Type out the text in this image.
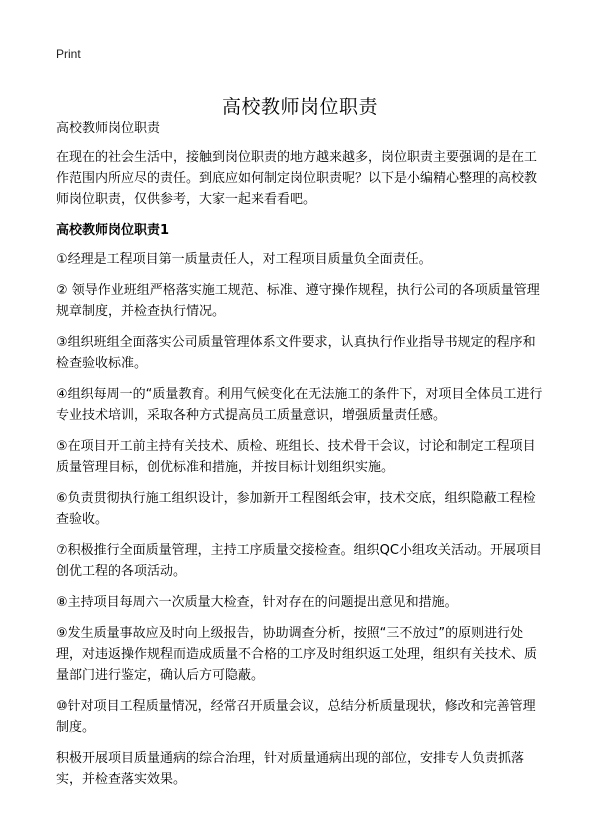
Print
高校教师岗位职责

高校教师岗位职责

在现在的社会生活中，接触到岗位职责的地方越来越多，岗位职责主要强调的是在工作范围内所应尽的责任。到底应如何制定岗位职责呢？以下是小编精心整理的高校教师岗位职责，仅供参考，大家一起来看看吧。

高校教师岗位职责1

①经理是工程项目第一质量责任人，对工程项目质量负全面责任。

② 领导作业班组严格落实施工规范、标准、遵守操作规程，执行公司的各项质量管理规章制度，并检查执行情况。

③组织班组全面落实公司质量管理体系文件要求，认真执行作业指导书规定的程序和检查验收标准。

④组织每周一的“质量教育。利用气候变化在无法施工的条件下，对项目全体员工进行专业技术培训，采取各种方式提高员工质量意识，增强质量责任感。

⑤在项目开工前主持有关技术、质检、班组长、技术骨干会议，讨论和制定工程项目质量管理目标，创优标准和措施，并按目标计划组织实施。

⑥负责贯彻执行施工组织设计，参加新开工程图纸会审，技术交底，组织隐蔽工程检查验收。

⑦积极推行全面质量管理，主持工序质量交接检查。组织QC小组攻关活动。开展项目创优工程的各项活动。

⑧主持项目每周六一次质量大检查，针对存在的问题提出意见和措施。

⑨发生质量事故应及时向上级报告，协助调查分析，按照“三不放过”的原则进行处理，对违返操作规程而造成质量不合格的工序及时组织返工处理，组织有关技术、质量部门进行鉴定，确认后方可隐蔽。

⑩针对项目工程质量情况，经常召开质量会议，总结分析质量现状，修改和完善管理制度。

积极开展项目质量通病的综合治理，针对质量通病出现的部位，安排专人负责抓落实，并检查落实效果。
